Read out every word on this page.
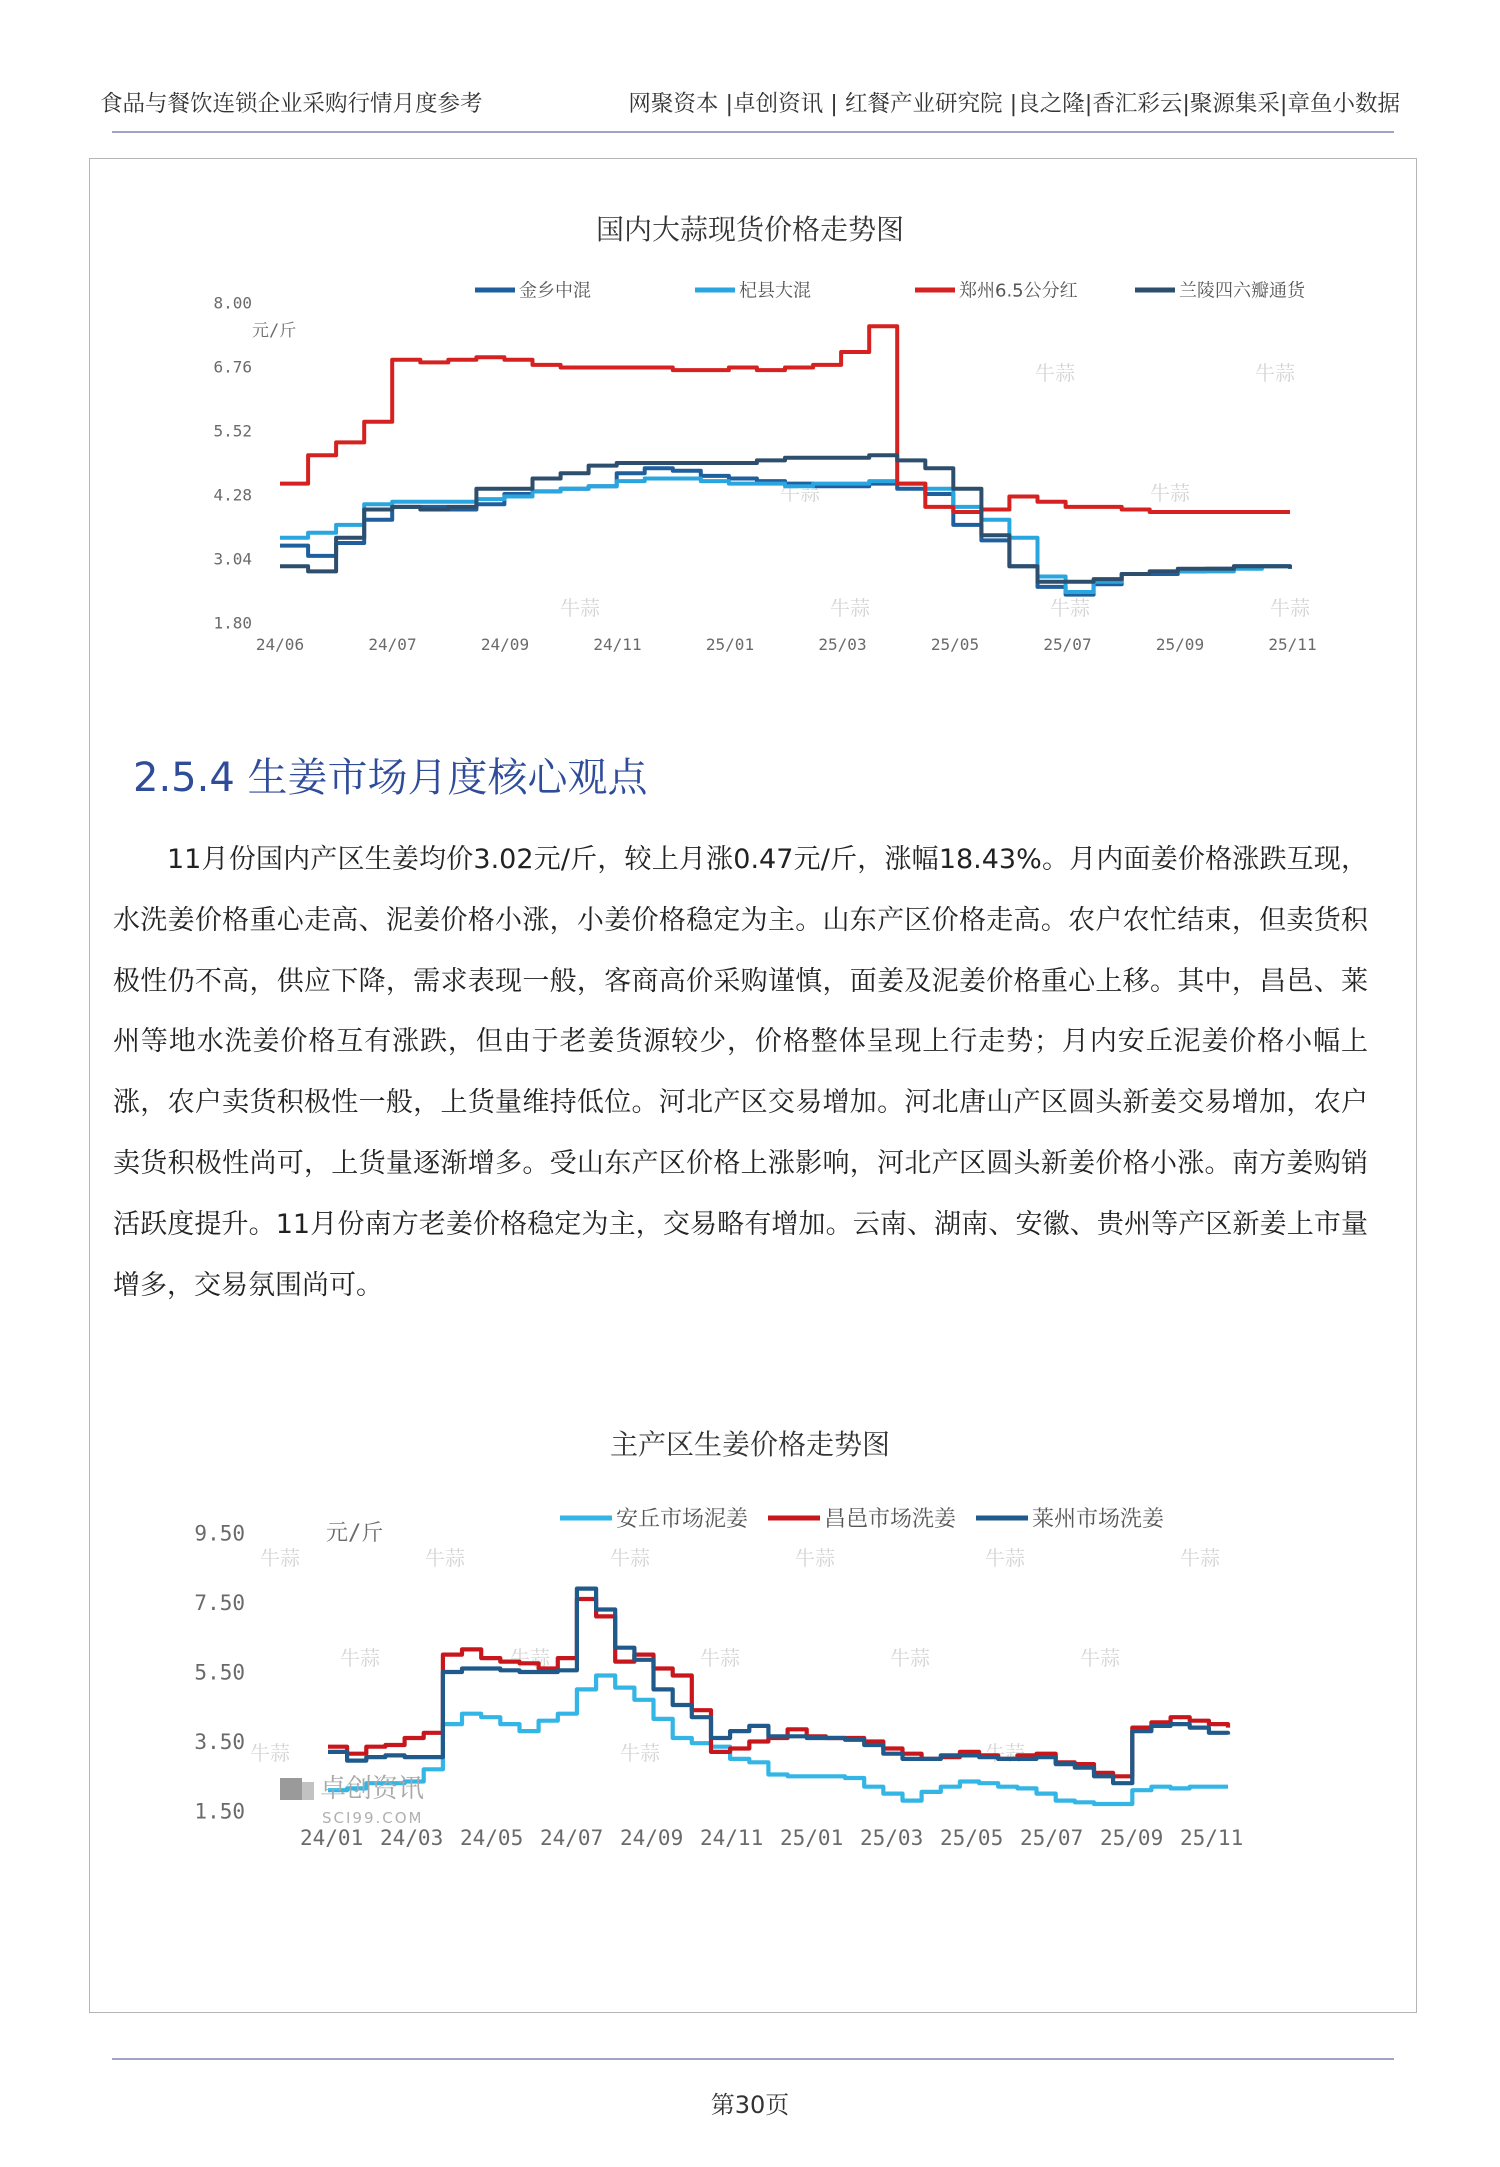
食品与餐饮连锁企业采购行情月度参考	网聚资本 |卓创资讯 | 红餐产业研究院 |良之隆|香汇彩云|聚源集采|章鱼小数据
国内大蒜现货价格走势图
主产区生姜价格走势图
牛蒜	牛蒜
牛蒜	牛蒜
牛蒜	牛蒜	牛蒜
牛蒜
8.00
6.76
5.52
4.28
3.04
1.80
元/斤
24/06	24/07	24/09	24/11	25/01	25/03	25/05	25/07	25/09	25/11
金乡中混	杞县大混	郑州6.5公分红	兰陵四六瓣通货
牛蒜	牛蒜	牛蒜	牛蒜	牛蒜	牛蒜
牛蒜	牛蒜	牛蒜	牛蒜	牛蒜
牛蒜	牛蒜	牛蒜
9.50
7.50
5.50
3.50
1.50
元/斤
24/01 24/03 24/05 24/07 24/09 24/11 25/01 25/03 25/05 25/07 25/09 25/11
安丘市场泥姜	昌邑市场洗姜	莱州市场洗姜
卓创资讯
SCI99.COM
2.5.4 生姜市场月度核心观点
11月份国内产区生姜均价3.02元/斤，较上月涨0.47元/斤，涨幅18.43%。月内面姜价格涨跌互现，水洗姜价格重心走高、泥姜价格小涨，小姜价格稳定为主。山东产区价格走高。农户农忙结束，但卖货积极性仍不高，供应下降，需求表现一般，客商高价采购谨慎，面姜及泥姜价格重心上移。其中，昌邑、莱州等地水洗姜价格互有涨跌，但由于老姜货源较少，价格整体呈现上行走势；月内安丘泥姜价格小幅上涨，农户卖货积极性一般，上货量维持低位。河北产区交易增加。河北唐山产区圆头新姜交易增加，农户卖货积极性尚可，上货量逐渐增多。受山东产区价格上涨影响，河北产区圆头新姜价格小涨。南方姜购销活跃度提升。11月份南方老姜价格稳定为主，交易略有增加。云南、湖南、安徽、贵州等产区新姜上市量增多，交易氛围尚可。
第30页
